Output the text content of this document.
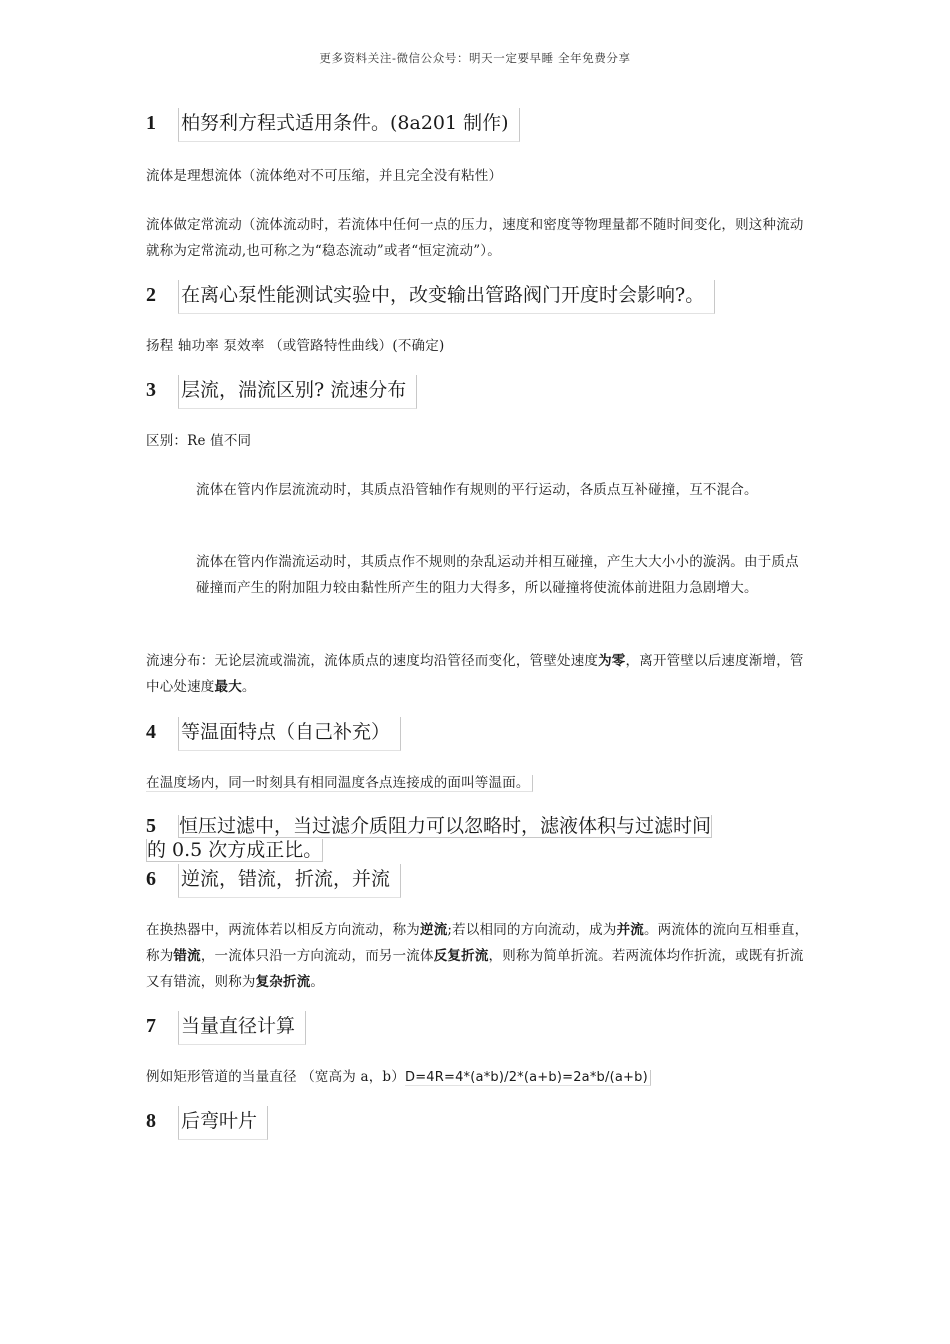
更多资料关注-微信公众号：明天一定要早睡 全年免费分享
1 柏努利方程式适用条件。(8a201 制作)
流体是理想流体（流体绝对不可压缩，并且完全没有粘性）
流体做定常流动（流体流动时，若流体中任何一点的压力，速度和密度等物理量都不随时间变化，则这种流动就称为定常流动,也可称之为“稳态流动”或者“恒定流动”）。
2 在离心泵性能测试实验中，改变输出管路阀门开度时会影响?。
扬程 轴功率 泵效率 （或管路特性曲线）(不确定)
3 层流，湍流区别? 流速分布
区别：Re 值不同
流体在管内作层流流动时，其质点沿管轴作有规则的平行运动，各质点互补碰撞，互不混合。
流体在管内作湍流运动时，其质点作不规则的杂乱运动并相互碰撞，产生大大小小的漩涡。由于质点碰撞而产生的附加阻力较由黏性所产生的阻力大得多，所以碰撞将使流体前进阻力急剧增大。
流速分布：无论层流或湍流，流体质点的速度均沿管径而变化，管壁处速度为零，离开管壁以后速度渐增，管中心处速度最大。
4 等温面特点（自己补充）
在温度场内，同一时刻具有相同温度各点连接成的面叫等温面。
5 恒压过滤中，当过滤介质阻力可以忽略时，滤液体积与过滤时间
的 0.5 次方成正比。
6 逆流，错流，折流，并流
在换热器中，两流体若以相反方向流动，称为逆流;若以相同的方向流动，成为并流。两流体的流向互相垂直，称为错流，一流体只沿一方向流动，而另一流体反复折流，则称为简单折流。若两流体均作折流，或既有折流又有错流，则称为复杂折流。
7 当量直径计算
例如矩形管道的当量直径 （宽高为 a，b）D=4R=4*(a*b)/2*(a+b)=2a*b/(a+b)
8 后弯叶片
